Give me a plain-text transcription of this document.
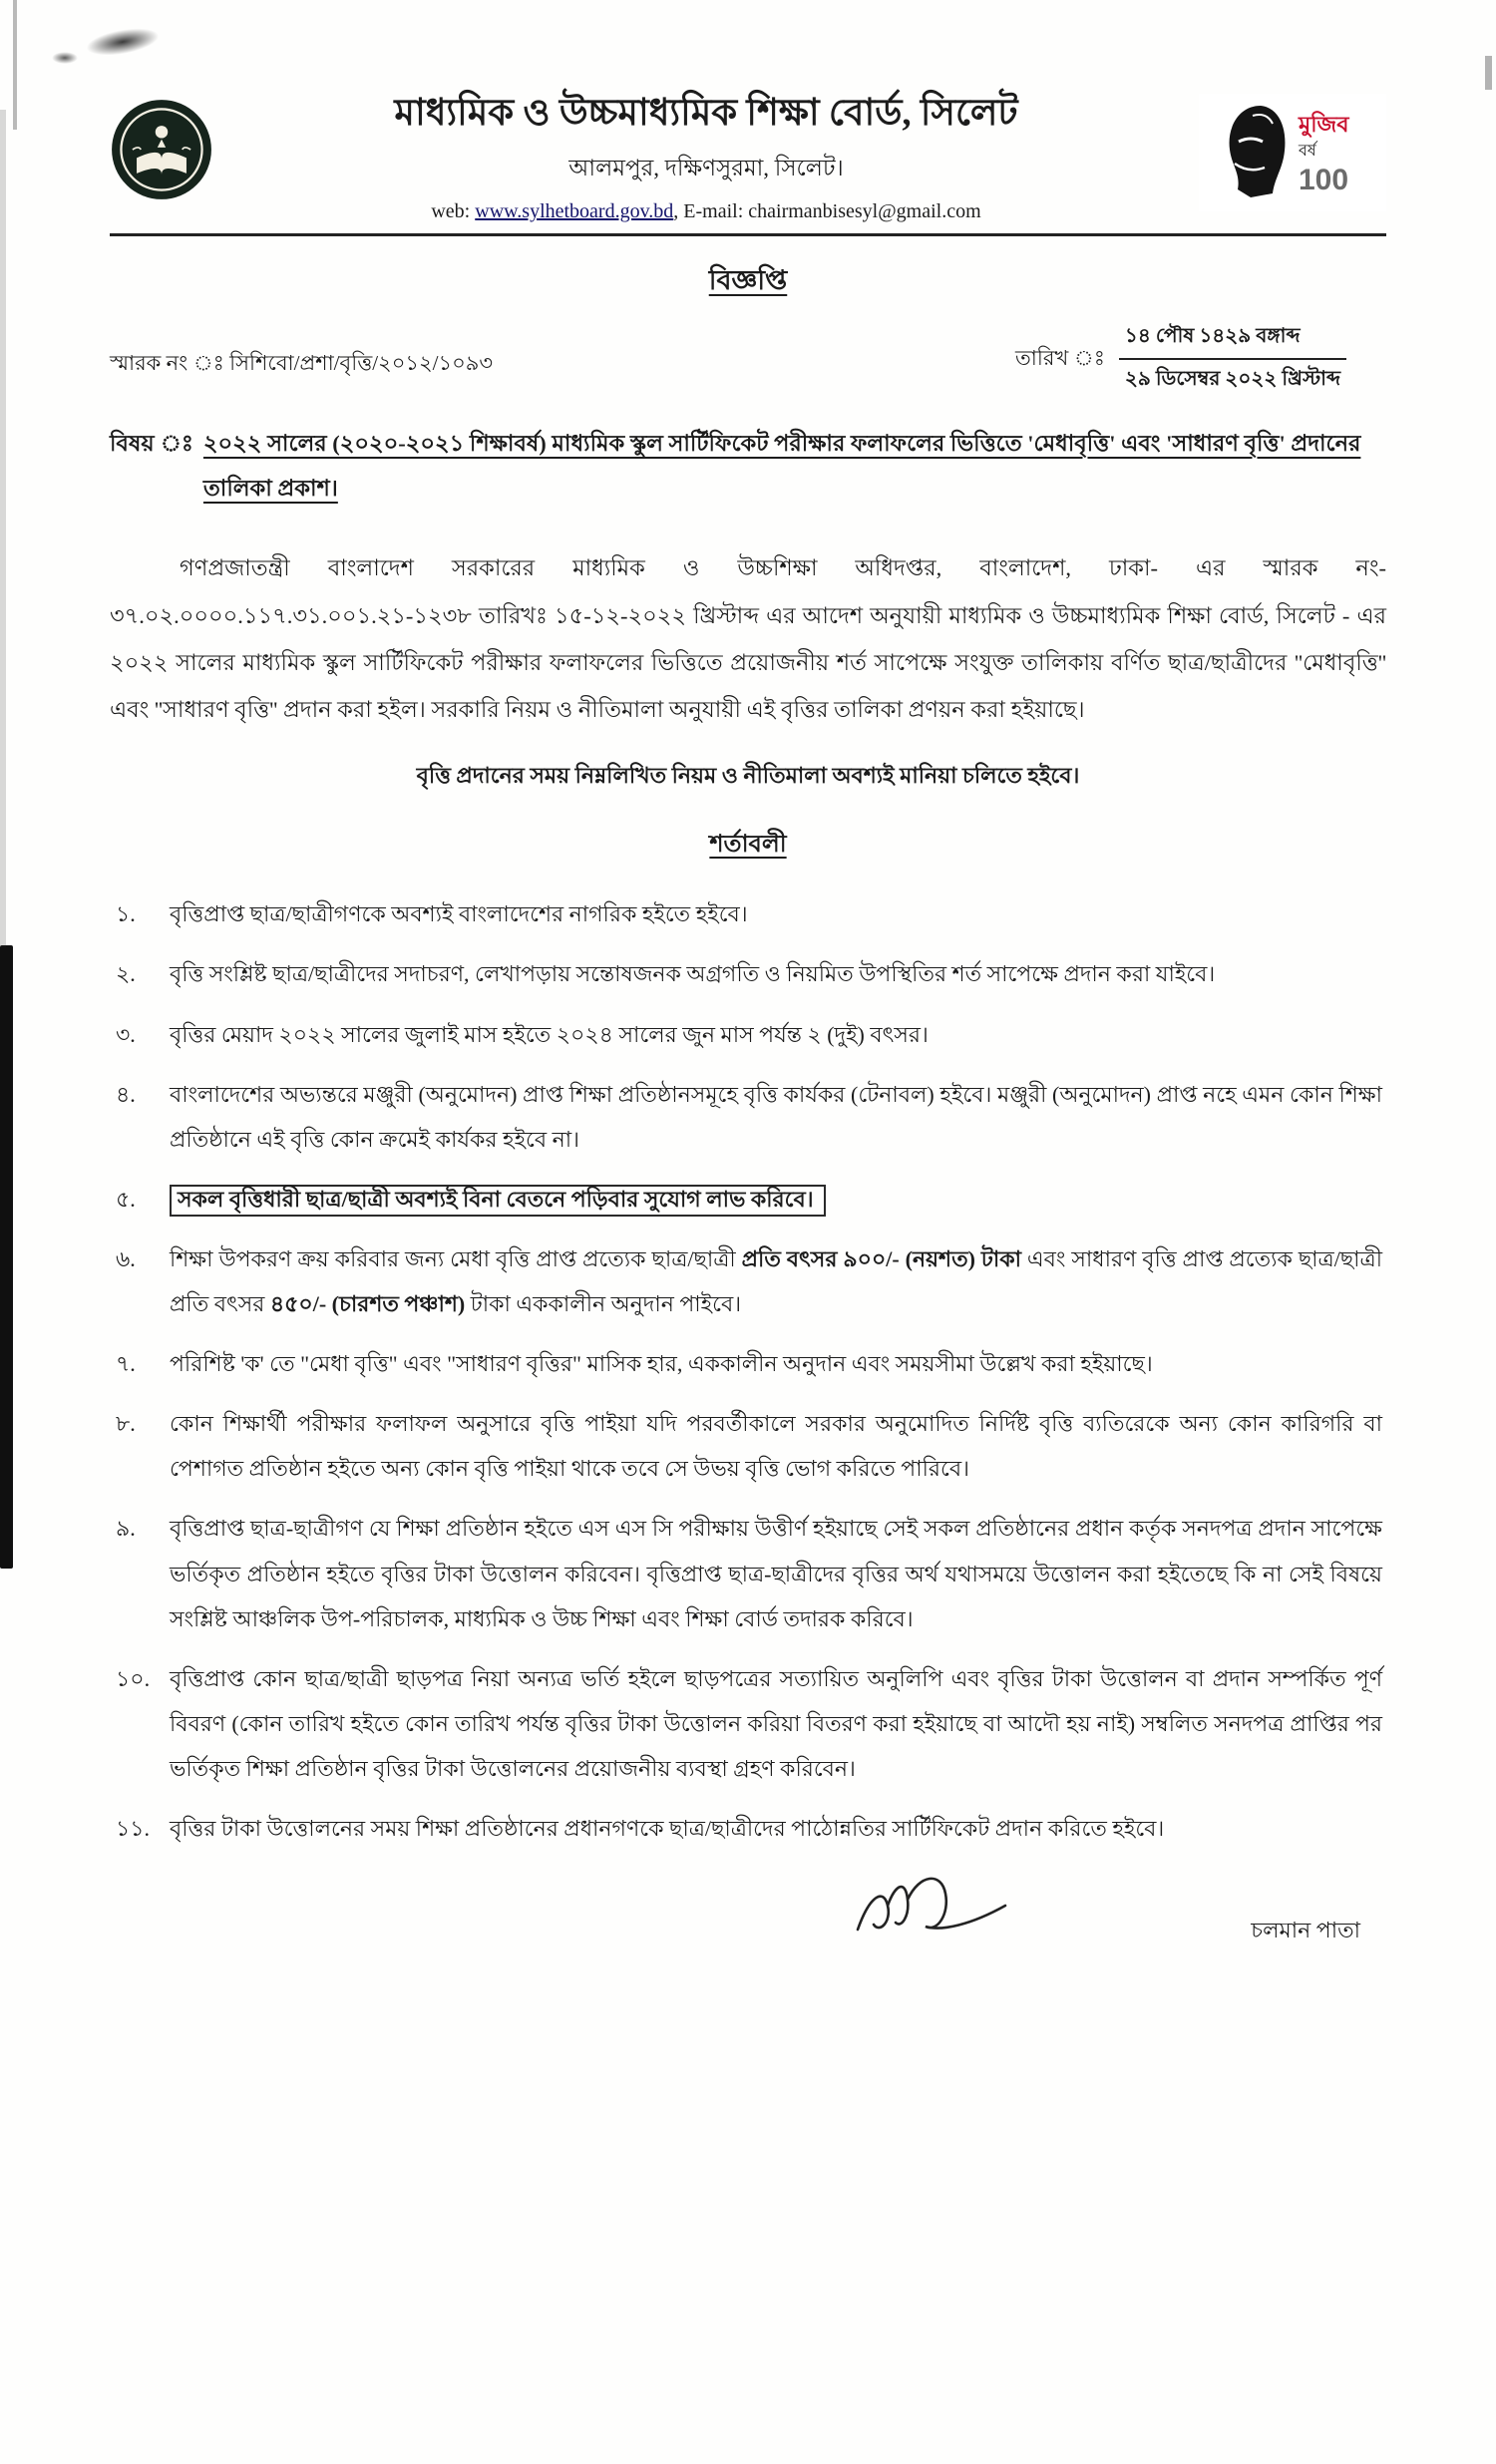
মাধ্যমিক ও উচ্চমাধ্যমিক শিক্ষা বোর্ড, সিলেট
আলমপুর, দক্ষিণসুরমা, সিলেট।
web: www.sylhetboard.gov.bd, E-mail: chairmanbisesyl@gmail.com
মুজিব
বর্ষ
100
বিজ্ঞপ্তি
স্মারক নং ঃ সিশিবো/প্রশা/বৃত্তি/২০১২/১০৯৩	তারিখ ঃ
১৪ পৌষ ১৪২৯ বঙ্গাব্দ
২৯ ডিসেম্বর ২০২২ খ্রিস্টাব্দ
বিষয় ঃ ২০২২ সালের (২০২০-২০২১ শিক্ষাবর্ষ) মাধ্যমিক স্কুল সার্টিফিকেট পরীক্ষার ফলাফলের ভিত্তিতে 'মেধাবৃত্তি' এবং 'সাধারণ বৃত্তি' প্রদানের তালিকা প্রকাশ।

গণপ্রজাতন্ত্রী বাংলাদেশ সরকারের মাধ্যমিক ও উচ্চশিক্ষা অধিদপ্তর, বাংলাদেশ, ঢাকা- এর স্মারক নং- ৩৭.০২.০০০০.১১৭.৩১.০০১.২১-১২৩৮ তারিখঃ ১৫-১২-২০২২ খ্রিস্টাব্দ এর আদেশ অনুযায়ী মাধ্যমিক ও উচ্চমাধ্যমিক শিক্ষা বোর্ড, সিলেট - এর ২০২২ সালের মাধ্যমিক স্কুল সার্টিফিকেট পরীক্ষার ফলাফলের ভিত্তিতে প্রয়োজনীয় শর্ত সাপেক্ষে সংযুক্ত তালিকায় বর্ণিত ছাত্র/ছাত্রীদের ''মেধাবৃত্তি'' এবং ''সাধারণ বৃত্তি'' প্রদান করা হইল। সরকারি নিয়ম ও নীতিমালা অনুযায়ী এই বৃত্তির তালিকা প্রণয়ন করা হইয়াছে।

বৃত্তি প্রদানের সময় নিম্নলিখিত নিয়ম ও নীতিমালা অবশ্যই মানিয়া চলিতে হইবে।

শর্তাবলী
১.	বৃত্তিপ্রাপ্ত ছাত্র/ছাত্রীগণকে অবশ্যই বাংলাদেশের নাগরিক হইতে হইবে।
২.	বৃত্তি সংশ্লিষ্ট ছাত্র/ছাত্রীদের সদাচরণ, লেখাপড়ায় সন্তোষজনক অগ্রগতি ও নিয়মিত উপস্থিতির শর্ত সাপেক্ষে প্রদান করা যাইবে।
৩.	বৃত্তির মেয়াদ ২০২২ সালের জুলাই মাস হইতে ২০২৪ সালের জুন মাস পর্যন্ত ২ (দুই) বৎসর।
৪.	বাংলাদেশের অভ্যন্তরে মঞ্জুরী (অনুমোদন) প্রাপ্ত শিক্ষা প্রতিষ্ঠানসমূহে বৃত্তি কার্যকর (টেনাবল) হইবে। মঞ্জুরী (অনুমোদন) প্রাপ্ত নহে এমন কোন শিক্ষা প্রতিষ্ঠানে এই বৃত্তি কোন ক্রমেই কার্যকর হইবে না।
৫.	সকল বৃত্তিধারী ছাত্র/ছাত্রী অবশ্যই বিনা বেতনে পড়িবার সুযোগ লাভ করিবে।
৬.	শিক্ষা উপকরণ ক্রয় করিবার জন্য মেধা বৃত্তি প্রাপ্ত প্রত্যেক ছাত্র/ছাত্রী প্রতি বৎসর ৯০০/- (নয়শত) টাকা এবং সাধারণ বৃত্তি প্রাপ্ত প্রত্যেক ছাত্র/ছাত্রী প্রতি বৎসর ৪৫০/- (চারশত পঞ্চাশ) টাকা এককালীন অনুদান পাইবে।
৭.	পরিশিষ্ট 'ক' তে "মেধা বৃত্তি" এবং "সাধারণ বৃত্তির" মাসিক হার, এককালীন অনুদান এবং সময়সীমা উল্লেখ করা হইয়াছে।
৮.	কোন শিক্ষার্থী পরীক্ষার ফলাফল অনুসারে বৃত্তি পাইয়া যদি পরবর্তীকালে সরকার অনুমোদিত নির্দিষ্ট বৃত্তি ব্যতিরেকে অন্য কোন কারিগরি বা পেশাগত প্রতিষ্ঠান হইতে অন্য কোন বৃত্তি পাইয়া থাকে তবে সে উভয় বৃত্তি ভোগ করিতে পারিবে।
৯.	বৃত্তিপ্রাপ্ত ছাত্র-ছাত্রীগণ যে শিক্ষা প্রতিষ্ঠান হইতে এস এস সি পরীক্ষায় উত্তীর্ণ হইয়াছে সেই সকল প্রতিষ্ঠানের প্রধান কর্তৃক সনদপত্র প্রদান সাপেক্ষে ভর্তিকৃত প্রতিষ্ঠান হইতে বৃত্তির টাকা উত্তোলন করিবেন। বৃত্তিপ্রাপ্ত ছাত্র-ছাত্রীদের বৃত্তির অর্থ যথাসময়ে উত্তোলন করা হইতেছে কি না সেই বিষয়ে সংশ্লিষ্ট আঞ্চলিক উপ-পরিচালক, মাধ্যমিক ও উচ্চ শিক্ষা এবং শিক্ষা বোর্ড তদারক করিবে।
১০. বৃত্তিপ্রাপ্ত কোন ছাত্র/ছাত্রী ছাড়পত্র নিয়া অন্যত্র ভর্তি হইলে ছাড়পত্রের সত্যায়িত অনুলিপি এবং বৃত্তির টাকা উত্তোলন বা প্রদান সম্পর্কিত পূর্ণ বিবরণ (কোন তারিখ হইতে কোন তারিখ পর্যন্ত বৃত্তির টাকা উত্তোলন করিয়া বিতরণ করা হইয়াছে বা আদৌ হয় নাই) সম্বলিত সনদপত্র প্রাপ্তির পর ভর্তিকৃত শিক্ষা প্রতিষ্ঠান বৃত্তির টাকা উত্তোলনের প্রয়োজনীয় ব্যবস্থা গ্রহণ করিবেন।
১১. বৃত্তির টাকা উত্তোলনের সময় শিক্ষা প্রতিষ্ঠানের প্রধানগণকে ছাত্র/ছাত্রীদের পাঠোন্নতির সার্টিফিকেট প্রদান করিতে হইবে।
চলমান পাতা
